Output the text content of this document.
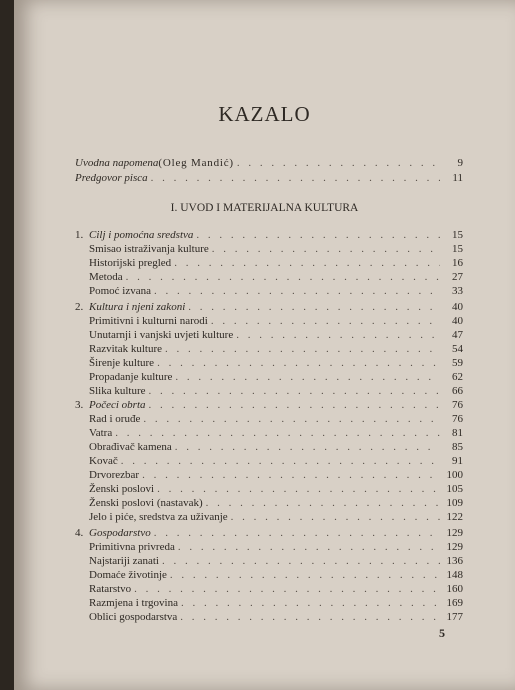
KAZALO
Uvodna napomena (Oleg Mandić) . . .	9
Predgovor pisca . . .	11
I. UVOD I MATERIJALNA KULTURA
1. Cilj i pomoćna sredstva . . .	15
Smisao istraživanja kulture . . .	15
Historijski pregled . . .	16
Metoda . . .	27
Pomoć izvana . . .	33
2. Kultura i njeni zakoni . . .	40
Primitivni i kulturni narodi . . .	40
Unutarnji i vanjski uvjeti kulture . . .	47
Razvitak kulture . . .	54
Širenje kulture . . .	59
Propadanje kulture . . .	62
Slika kulture . . .	66
3. Počeci obrta . . .	76
Rad i oruđe . . .	76
Vatra . . .	81
Obrađivač kamena . . .	85
Kovač . . .	91
Drvorezbar . . .	100
Ženski poslovi . . .	105
Ženski poslovi (nastavak) . . .	109
Jelo i piće, sredstva za uživanje . . .	122
4. Gospodarstvo . . .	129
Primitivna privreda . . .	129
Najstariji zanati . . .	136
Domaće životinje . . .	148
Ratarstvo . . .	160
Razmjena i trgovina . . .	169
Oblici gospodarstva . . .	177
5
